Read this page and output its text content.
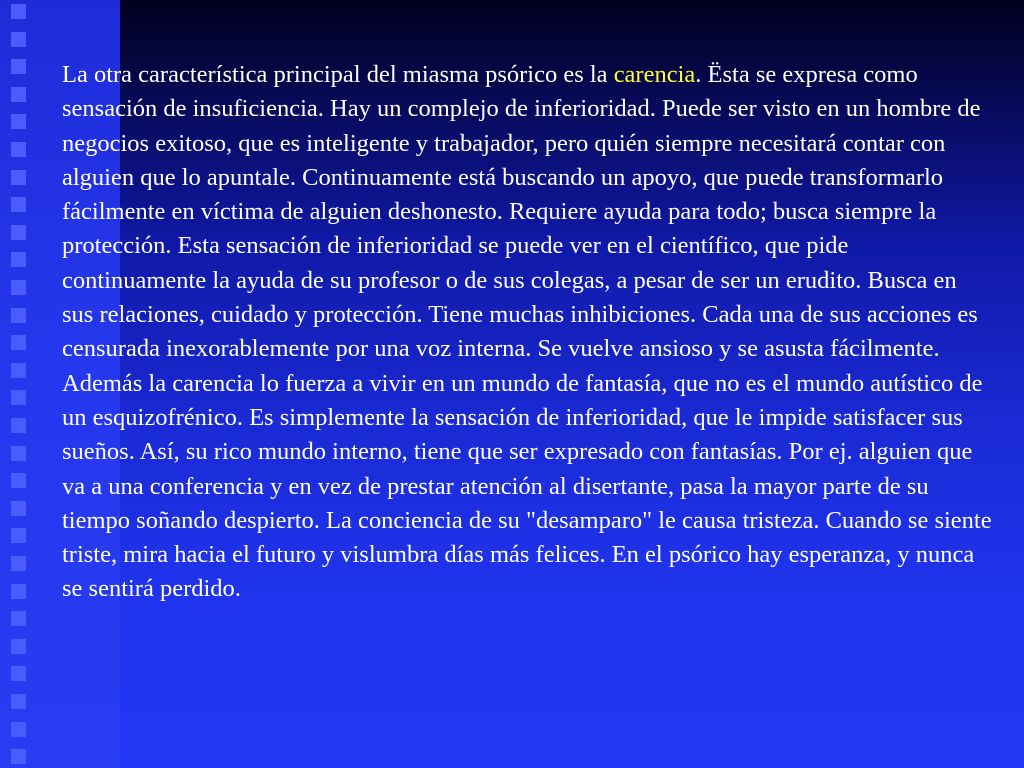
La otra característica principal del miasma psórico es la carencia. Ësta se expresa como sensación de insuficiencia. Hay un complejo de inferioridad. Puede ser visto en un hombre de negocios exitoso, que es inteligente y trabajador, pero quién siempre necesitará contar con alguien que lo apuntale. Continuamente está buscando un apoyo, que puede transformarlo fácilmente en víctima de alguien deshonesto. Requiere ayuda para todo; busca siempre la protección. Esta sensación de inferioridad se puede ver en el científico, que pide continuamente la ayuda de su profesor o de sus colegas, a pesar de ser un erudito. Busca en sus relaciones, cuidado y protección. Tiene muchas inhibiciones. Cada una de sus acciones es censurada inexorablemente por una voz interna. Se vuelve ansioso y se asusta fácilmente.

Además la carencia lo fuerza a vivir en un mundo de fantasía, que no es el mundo autístico de un esquizofrénico. Es simplemente la sensación de inferioridad, que le impide satisfacer sus sueños. Así, su rico mundo interno, tiene que ser expresado con fantasías. Por ej. alguien que va a una conferencia y en vez de prestar atención al disertante, pasa la mayor parte de su tiempo soñando despierto. La conciencia de su "desamparo" le causa tristeza. Cuando se siente triste, mira hacia el futuro y vislumbra días más felices. En el psórico hay esperanza, y nunca se sentirá perdido.
